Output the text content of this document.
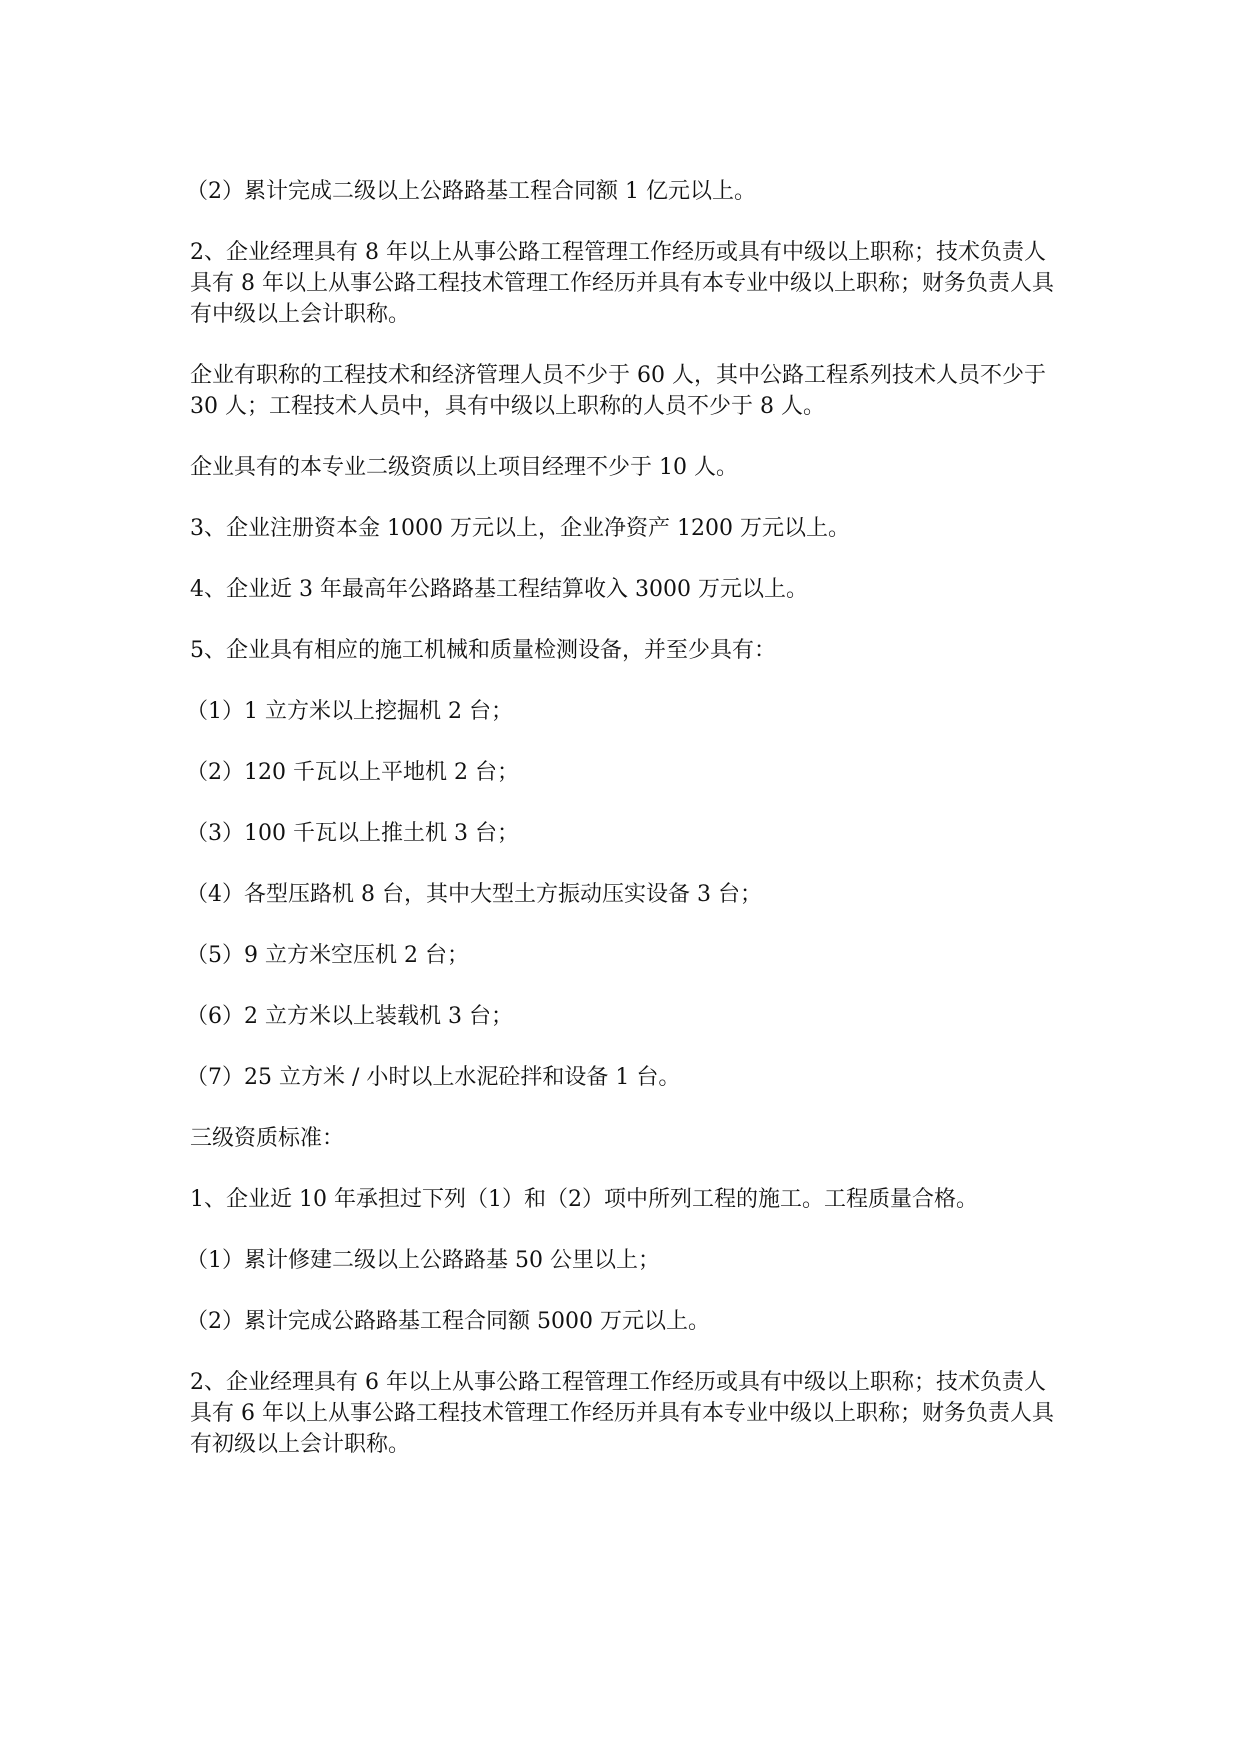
（2）累计完成二级以上公路路基工程合同额 1 亿元以上。

2、企业经理具有 8 年以上从事公路工程管理工作经历或具有中级以上职称；技术负责人具有 8 年以上从事公路工程技术管理工作经历并具有本专业中级以上职称；财务负责人具有中级以上会计职称。

企业有职称的工程技术和经济管理人员不少于 60 人，其中公路工程系列技术人员不少于 30 人；工程技术人员中，具有中级以上职称的人员不少于 8 人。

企业具有的本专业二级资质以上项目经理不少于 10 人。

3、企业注册资本金 1000 万元以上，企业净资产 1200 万元以上。

4、企业近 3 年最高年公路路基工程结算收入 3000 万元以上。

5、企业具有相应的施工机械和质量检测设备，并至少具有：

（1）1 立方米以上挖掘机 2 台；

（2）120 千瓦以上平地机 2 台；

（3）100 千瓦以上推土机 3 台；

（4）各型压路机 8 台，其中大型土方振动压实设备 3 台；

（5）9 立方米空压机 2 台；

（6）2 立方米以上装载机 3 台；

（7）25 立方米 / 小时以上水泥砼拌和设备 1 台。

三级资质标准：

1、企业近 10 年承担过下列（1）和（2）项中所列工程的施工。工程质量合格。

（1）累计修建二级以上公路路基 50 公里以上；

（2）累计完成公路路基工程合同额 5000 万元以上。

2、企业经理具有 6 年以上从事公路工程管理工作经历或具有中级以上职称；技术负责人具有 6 年以上从事公路工程技术管理工作经历并具有本专业中级以上职称；财务负责人具有初级以上会计职称。
